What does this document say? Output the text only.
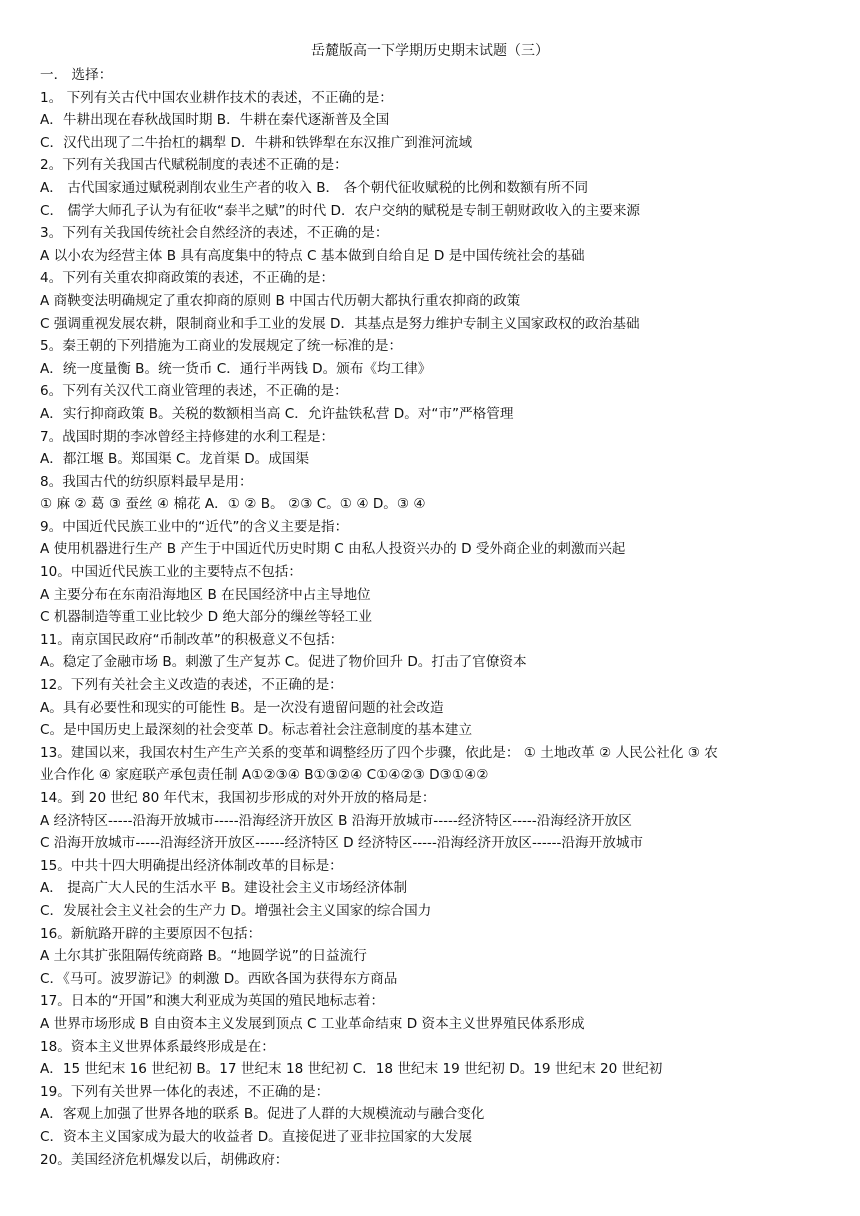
岳麓版高一下学期历史期末试题（三）
一． 选择：
1。 下列有关古代中国农业耕作技术的表述，不正确的是：
A．牛耕出现在春秋战国时期 B．牛耕在秦代逐渐普及全国
C．汉代出现了二牛抬杠的耦犁 D．牛耕和铁铧犁在东汉推广到淮河流域
2。下列有关我国古代赋税制度的表述不正确的是：
A． 古代国家通过赋税剥削农业生产者的收入 B． 各个朝代征收赋税的比例和数额有所不同
C． 儒学大师孔子认为有征收“泰半之赋”的时代 D．农户交纳的赋税是专制王朝财政收入的主要来源
3。下列有关我国传统社会自然经济的表述，不正确的是：
A 以小农为经营主体 B 具有高度集中的特点 C 基本做到自给自足 D 是中国传统社会的基础
4。下列有关重农抑商政策的表述，不正确的是：
A 商鞅变法明确规定了重农抑商的原则 B 中国古代历朝大都执行重农抑商的政策
C 强调重视发展农耕，限制商业和手工业的发展 D．其基点是努力维护专制主义国家政权的政治基础
5。秦王朝的下列措施为工商业的发展规定了统一标准的是：
A．统一度量衡 B。统一货币 C．通行半两钱 D。颁布《均工律》
6。下列有关汉代工商业管理的表述，不正确的是：
A．实行抑商政策 B。关税的数额相当高 C．允许盐铁私营 D。对“市”严格管理
7。战国时期的李冰曾经主持修建的水利工程是：
A．都江堰 B。郑国渠 C。龙首渠 D。成国渠
8。我国古代的纺织原料最早是用：
① 麻 ② 葛 ③ 蚕丝 ④ 棉花 A．① ② B。 ②③ C。① ④ D。③ ④
9。中国近代民族工业中的“近代”的含义主要是指：
A 使用机器进行生产 B 产生于中国近代历史时期 C 由私人投资兴办的 D 受外商企业的刺激而兴起
10。中国近代民族工业的主要特点不包括：
A 主要分布在东南沿海地区 B 在民国经济中占主导地位
C 机器制造等重工业比较少 D 绝大部分的缫丝等轻工业
11。南京国民政府“币制改革”的积极意义不包括：
A。稳定了金融市场 B。刺激了生产复苏 C。促进了物价回升 D。打击了官僚资本
12。下列有关社会主义改造的表述，不正确的是：
A。具有必要性和现实的可能性 B。是一次没有遗留问题的社会改造
C。是中国历史上最深刻的社会变革 D。标志着社会注意制度的基本建立
13。建国以来，我国农村生产生产关系的变革和调整经历了四个步骤，依此是： ① 土地改革 ② 人民公社化 ③ 农
业合作化 ④ 家庭联产承包责任制 A①②③④ B①③②④ C①④②③ D③①④②
14。到 20 世纪 80 年代末，我国初步形成的对外开放的格局是：
A 经济特区-----沿海开放城市-----沿海经济开放区 B 沿海开放城市-----经济特区-----沿海经济开放区
C 沿海开放城市-----沿海经济开放区------经济特区 D 经济特区-----沿海经济开放区------沿海开放城市
15。中共十四大明确提出经济体制改革的目标是：
A． 提高广大人民的生活水平 B。建设社会主义市场经济体制
C．发展社会主义社会的生产力 D。增强社会主义国家的综合国力
16。新航路开辟的主要原因不包括：
A 土尔其扩张阻隔传统商路 B。“地圆学说”的日益流行
C．《马可。波罗游记》的刺激 D。西欧各国为获得东方商品
17。日本的“开国”和澳大利亚成为英国的殖民地标志着：
A 世界市场形成 B 自由资本主义发展到顶点 C 工业革命结束 D 资本主义世界殖民体系形成
18。资本主义世界体系最终形成是在：
A．15 世纪末 16 世纪初 B。17 世纪末 18 世纪初 C．18 世纪末 19 世纪初 D。19 世纪末 20 世纪初
19。下列有关世界一体化的表述，不正确的是：
A．客观上加强了世界各地的联系 B。促进了人群的大规模流动与融合变化
C．资本主义国家成为最大的收益者 D。直接促进了亚非拉国家的大发展
20。美国经济危机爆发以后，胡佛政府：
